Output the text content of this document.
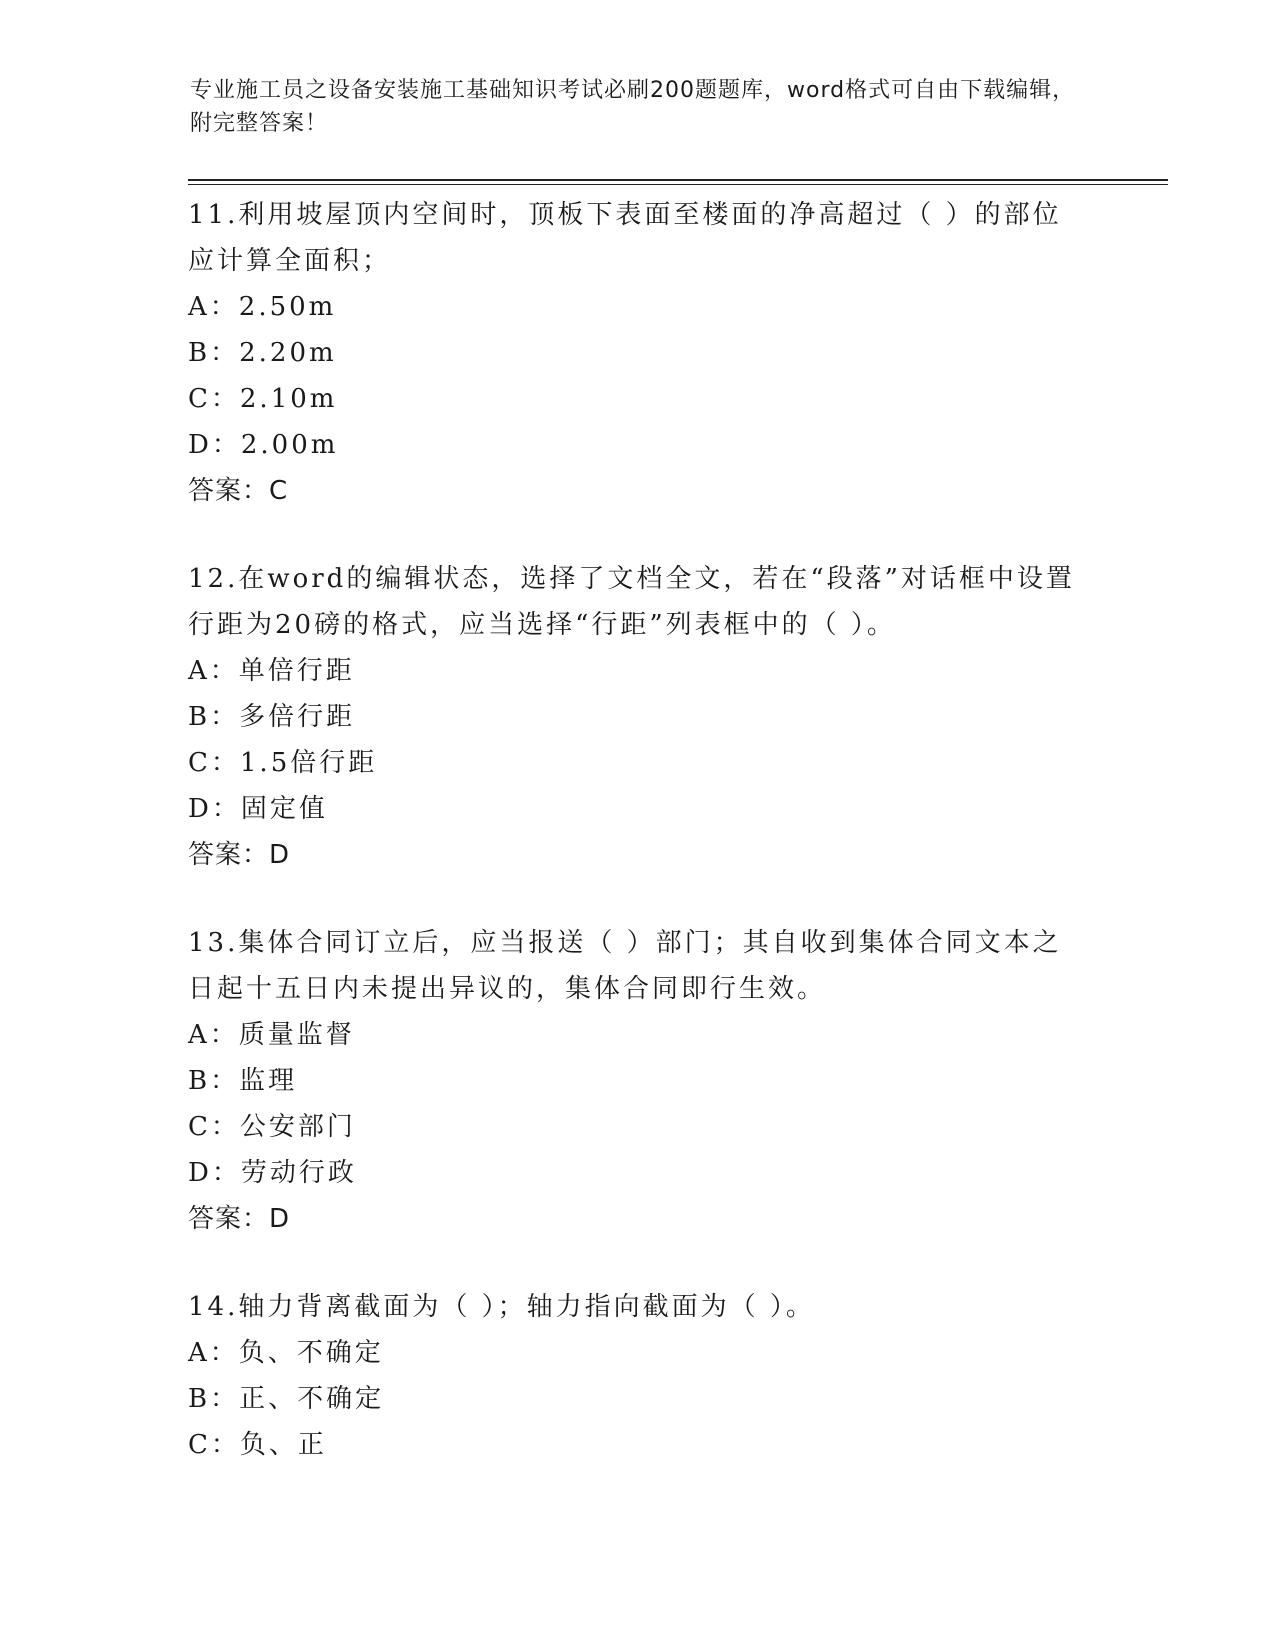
专业施工员之设备安装施工基础知识考试必刷200题题库，word格式可自由下载编辑，附完整答案！
11.利用坡屋顶内空间时，顶板下表面至楼面的净高超过（ ）的部位应计算全面积；
A：2.50m
B：2.20m
C：2.10m
D：2.00m
答案：C
12.在word的编辑状态，选择了文档全文，若在“段落”对话框中设置行距为20磅的格式，应当选择“行距”列表框中的（ ）。
A：单倍行距
B：多倍行距
C：1.5倍行距
D：固定值
答案：D
13.集体合同订立后，应当报送（ ）部门；其自收到集体合同文本之日起十五日内未提出异议的，集体合同即行生效。
A：质量监督
B：监理
C：公安部门
D：劳动行政
答案：D
14.轴力背离截面为（ ）；轴力指向截面为（ ）。
A：负、不确定
B：正、不确定
C：负、正
